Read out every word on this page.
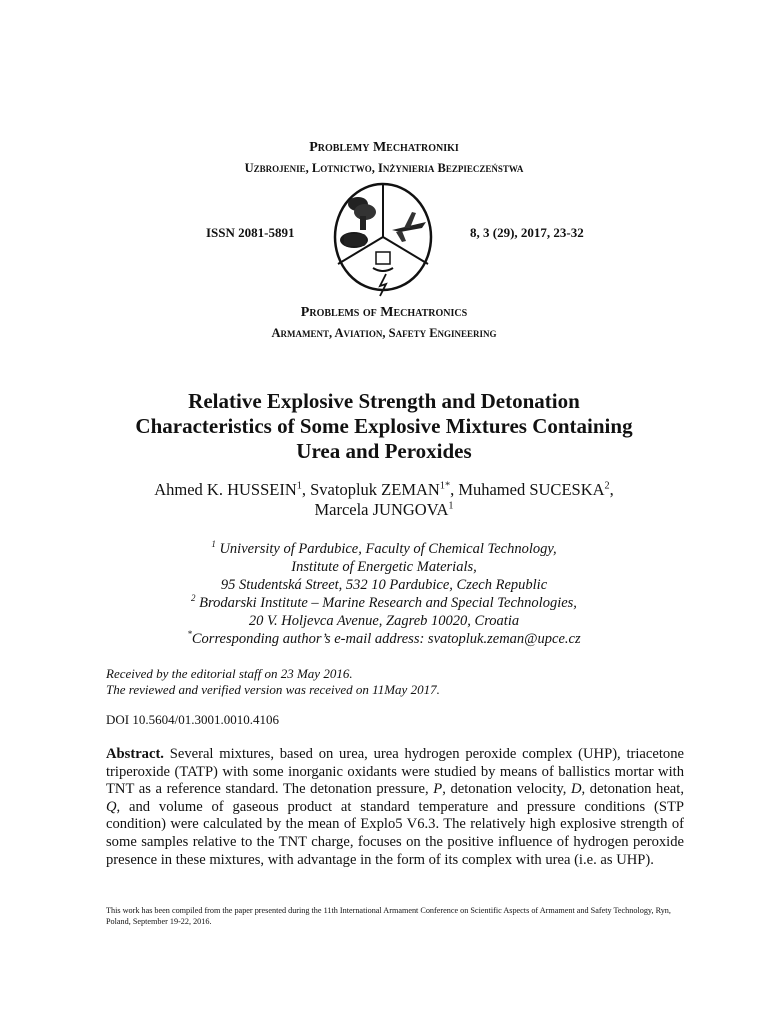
Problemy Mechatroniki
Uzbrojenie, Lotnictwo, Inżynieria Bezpieczeństwa
ISSN 2081-5891	8, 3 (29), 2017, 23-32
Problems of Mechatronics
Armament, Aviation, Safety Engineering
Relative Explosive Strength and Detonation
Characteristics of Some Explosive Mixtures Containing
Urea and Peroxides
Ahmed K. HUSSEIN$^1$, Svatopluk $ZEMAN^{1*}$, Muhamed SUCESKA$^2$,
Marcela JUNGOVA$^1$
$^1$ University of Pardubice, Faculty of Chemical Technology,
Institute of Energetic Materials,
95 Studentská Street, 532 10 Pardubice, Czech Republic
$^2$ Brodarski Institute – Marine Research and Special Technologies,
20 V. Holjevca Avenue, Zagreb 10020, Croatia
*Corresponding author’s e-mail address: svatopluk.zeman@upce.cz
Received by the editorial staff on 23 May 2016.
The reviewed and verified version was received on 11May 2017.
DOI 10.5604/01.3001.0010.4106
Abstract. Several mixtures, based on urea, urea hydrogen peroxide complex (UHP), triacetone triperoxide (TATP) with some inorganic oxidants were studied by means of ballistics mortar with TNT as a reference standard. The detonation pressure, P, detonation velocity, D, detonation heat, Q, and volume of gaseous product at standard temperature and pressure conditions (STP condition) were calculated by the mean of Explo5 V6.3. The relatively high explosive strength of some samples relative to the TNT charge, focuses on the positive influence of hydrogen peroxide presence in these mixtures, with advantage in the form of its complex with urea (i.e. as UHP).
This work has been compiled from the paper presented during the 11th International Armament Conference on Scientific Aspects of Armament and Safety Technology, Ryn, Poland, September 19-22, 2016.
